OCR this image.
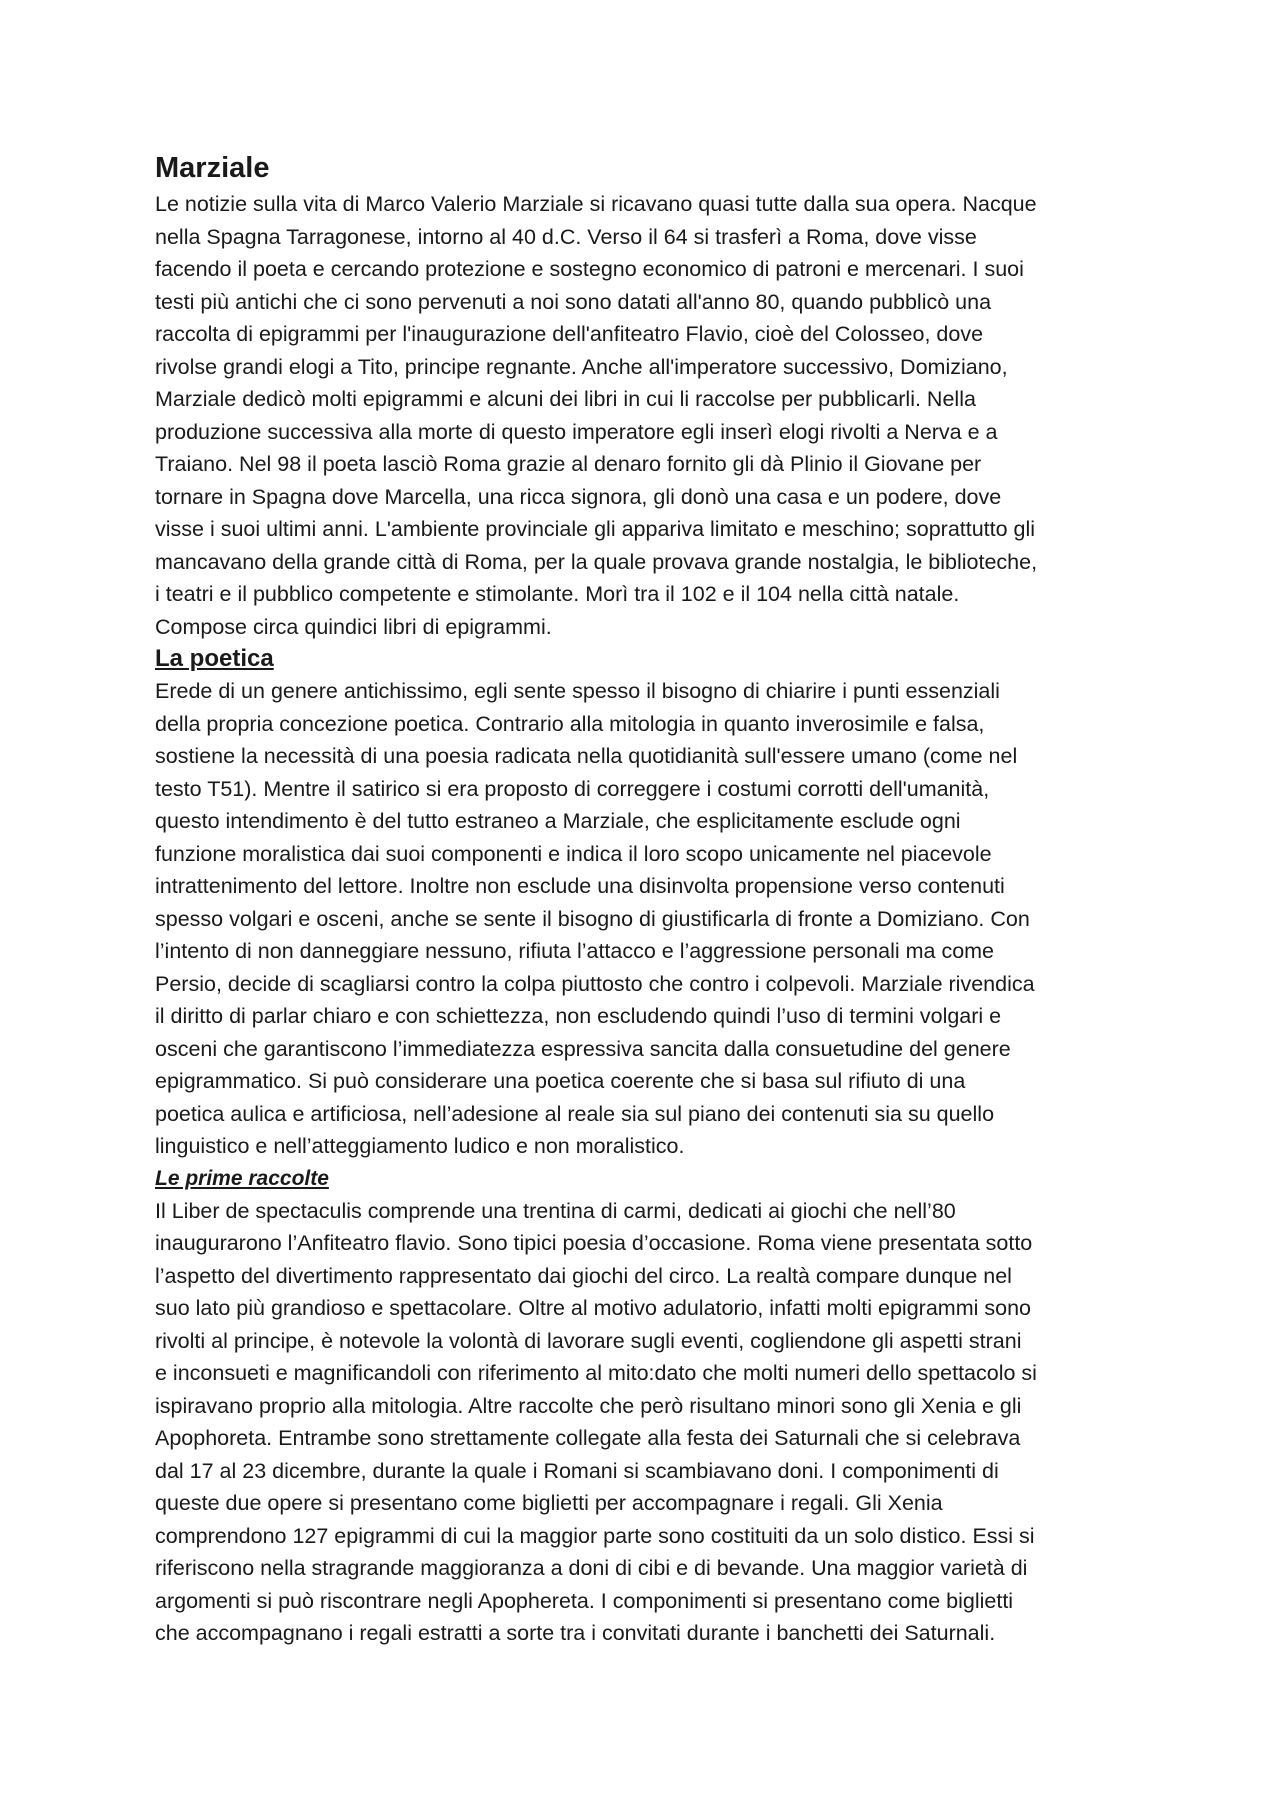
Marziale

Le notizie sulla vita di Marco Valerio Marziale si ricavano quasi tutte dalla sua opera. Nacque

nella Spagna Tarragonese, intorno al 40 d.C. Verso il 64 si trasferì a Roma, dove visse

facendo il poeta e cercando protezione e sostegno economico di patroni e mercenari. I suoi

testi più antichi che ci sono pervenuti a noi sono datati all'anno 80, quando pubblicò una

raccolta di epigrammi per l'inaugurazione dell'anfiteatro Flavio, cioè del Colosseo, dove

rivolse grandi elogi a Tito, principe regnante. Anche all'imperatore successivo, Domiziano,

Marziale dedicò molti epigrammi e alcuni dei libri in cui li raccolse per pubblicarli. Nella

produzione successiva alla morte di questo imperatore egli inserì elogi rivolti a Nerva e a

Traiano. Nel 98 il poeta lasciò Roma grazie al denaro fornito gli dà Plinio il Giovane per

tornare in Spagna dove Marcella, una ricca signora, gli donò una casa e un podere, dove

visse i suoi ultimi anni. L'ambiente provinciale gli appariva limitato e meschino; soprattutto gli

mancavano della grande città di Roma, per la quale provava grande nostalgia, le biblioteche,

i teatri e il pubblico competente e stimolante. Morì tra il 102 e il 104 nella città natale.

Compose circa quindici libri di epigrammi.

La poetica

Erede di un genere antichissimo, egli sente spesso il bisogno di chiarire i punti essenziali

della propria concezione poetica. Contrario alla mitologia in quanto inverosimile e falsa,

sostiene la necessità di una poesia radicata nella quotidianità sull'essere umano (come nel

testo T51). Mentre il satirico si era proposto di correggere i costumi corrotti dell'umanità,

questo intendimento è del tutto estraneo a Marziale, che esplicitamente esclude ogni

funzione moralistica dai suoi componenti e indica il loro scopo unicamente nel piacevole

intrattenimento del lettore. Inoltre non esclude una disinvolta propensione verso contenuti

spesso volgari e osceni, anche se sente il bisogno di giustificarla di fronte a Domiziano. Con

l’intento di non danneggiare nessuno, rifiuta l’attacco e l’aggressione personali ma come

Persio, decide di scagliarsi contro la colpa piuttosto che contro i colpevoli. Marziale rivendica

il diritto di parlar chiaro e con schiettezza, non escludendo quindi l’uso di termini volgari e

osceni che garantiscono l’immediatezza espressiva sancita dalla consuetudine del genere

epigrammatico. Si può considerare una poetica coerente che si basa sul rifiuto di una

poetica aulica e artificiosa, nell’adesione al reale sia sul piano dei contenuti sia su quello

linguistico e nell’atteggiamento ludico e non moralistico.

Le prime raccolte

Il Liber de spectaculis comprende una trentina di carmi, dedicati ai giochi che nell’80

inaugurarono l’Anfiteatro flavio. Sono tipici poesia d’occasione. Roma viene presentata sotto

l’aspetto del divertimento rappresentato dai giochi del circo. La realtà compare dunque nel

suo lato più grandioso e spettacolare. Oltre al motivo adulatorio, infatti molti epigrammi sono

rivolti al principe, è notevole la volontà di lavorare sugli eventi, cogliendone gli aspetti strani

e inconsueti e magnificandoli con riferimento al mito:dato che molti numeri dello spettacolo si

ispiravano proprio alla mitologia. Altre raccolte che però risultano minori sono gli Xenia e gli

Apophoreta. Entrambe sono strettamente collegate alla festa dei Saturnali che si celebrava

dal 17 al 23 dicembre, durante la quale i Romani si scambiavano doni. I componimenti di

queste due opere si presentano come biglietti per accompagnare i regali. Gli Xenia

comprendono 127 epigrammi di cui la maggior parte sono costituiti da un solo distico. Essi si

riferiscono nella stragrande maggioranza a doni di cibi e di bevande. Una maggior varietà di

argomenti si può riscontrare negli Apophereta. I componimenti si presentano come biglietti

che accompagnano i regali estratti a sorte tra i convitati durante i banchetti dei Saturnali.
